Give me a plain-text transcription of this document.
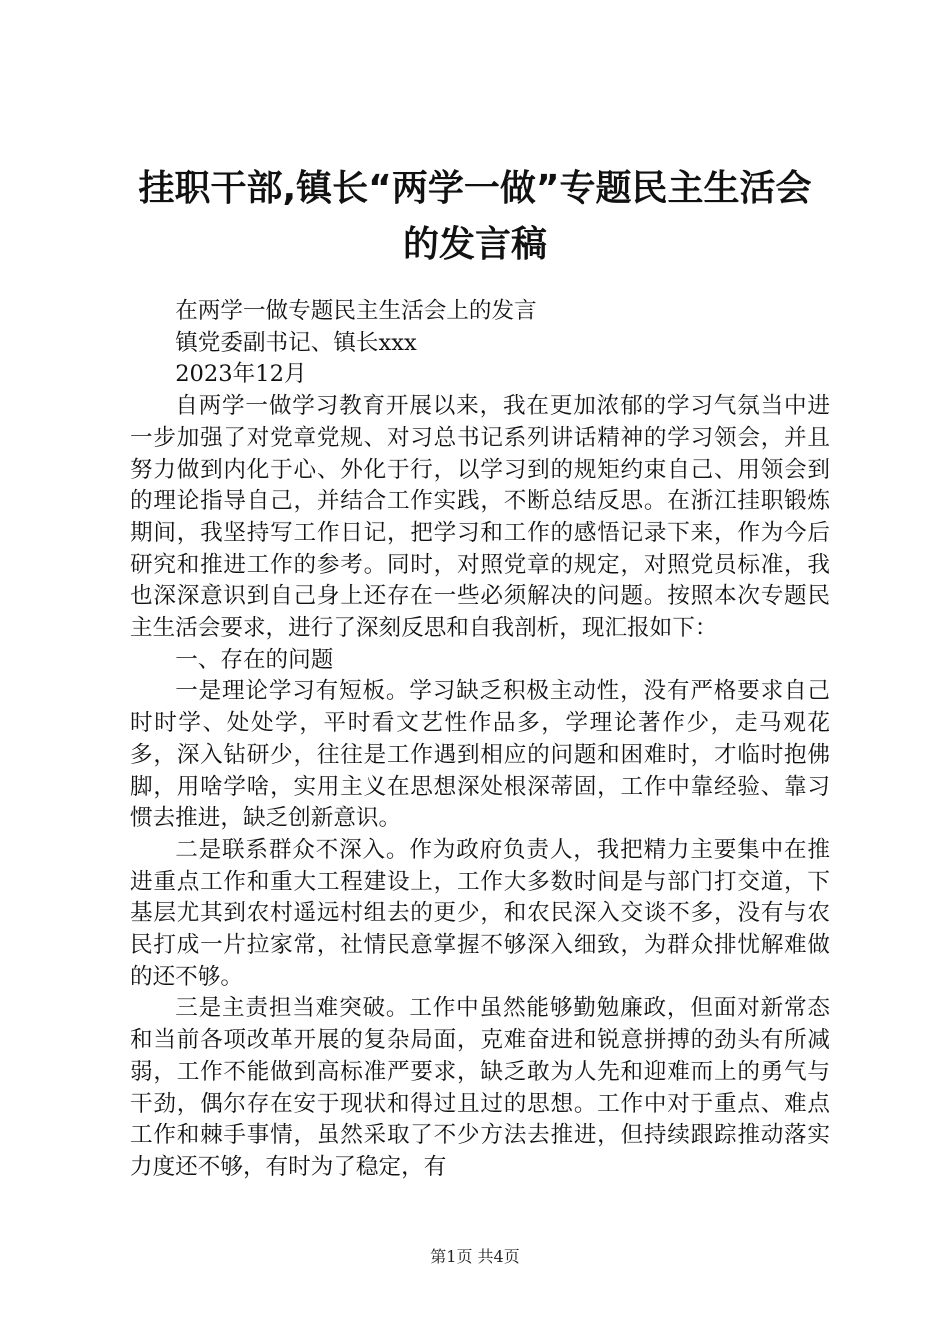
挂职干部,镇长“两学一做”专题民主生活会
的发言稿

在两学一做专题民主生活会上的发言

镇党委副书记、镇长xxx

2023年12月

自两学一做学习教育开展以来，我在更加浓郁的学习气氛当中进一步加强了对党章党规、对习总书记系列讲话精神的学习领会，并且努力做到内化于心、外化于行，以学习到的规矩约束自己、用领会到的理论指导自己，并结合工作实践，不断总结反思。在浙江挂职锻炼期间，我坚持写工作日记，把学习和工作的感悟记录下来，作为今后研究和推进工作的参考。同时，对照党章的规定，对照党员标准，我也深深意识到自己身上还存在一些必须解决的问题。按照本次专题民主生活会要求，进行了深刻反思和自我剖析，现汇报如下：

一、存在的问题

一是理论学习有短板。学习缺乏积极主动性，没有严格要求自己时时学、处处学，平时看文艺性作品多，学理论著作少，走马观花多，深入钻研少，往往是工作遇到相应的问题和困难时，才临时抱佛脚，用啥学啥，实用主义在思想深处根深蒂固，工作中靠经验、靠习惯去推进，缺乏创新意识。

二是联系群众不深入。作为政府负责人，我把精力主要集中在推进重点工作和重大工程建设上，工作大多数时间是与部门打交道，下基层尤其到农村遥远村组去的更少，和农民深入交谈不多，没有与农民打成一片拉家常，社情民意掌握不够深入细致，为群众排忧解难做的还不够。

三是主责担当难突破。工作中虽然能够勤勉廉政，但面对新常态和当前各项改革开展的复杂局面，克难奋进和锐意拼搏的劲头有所减弱，工作不能做到高标准严要求，缺乏敢为人先和迎难而上的勇气与干劲，偶尔存在安于现状和得过且过的思想。工作中对于重点、难点工作和棘手事情，虽然采取了不少方法去推进，但持续跟踪推动落实力度还不够，有时为了稳定，有

第1页 共4页
